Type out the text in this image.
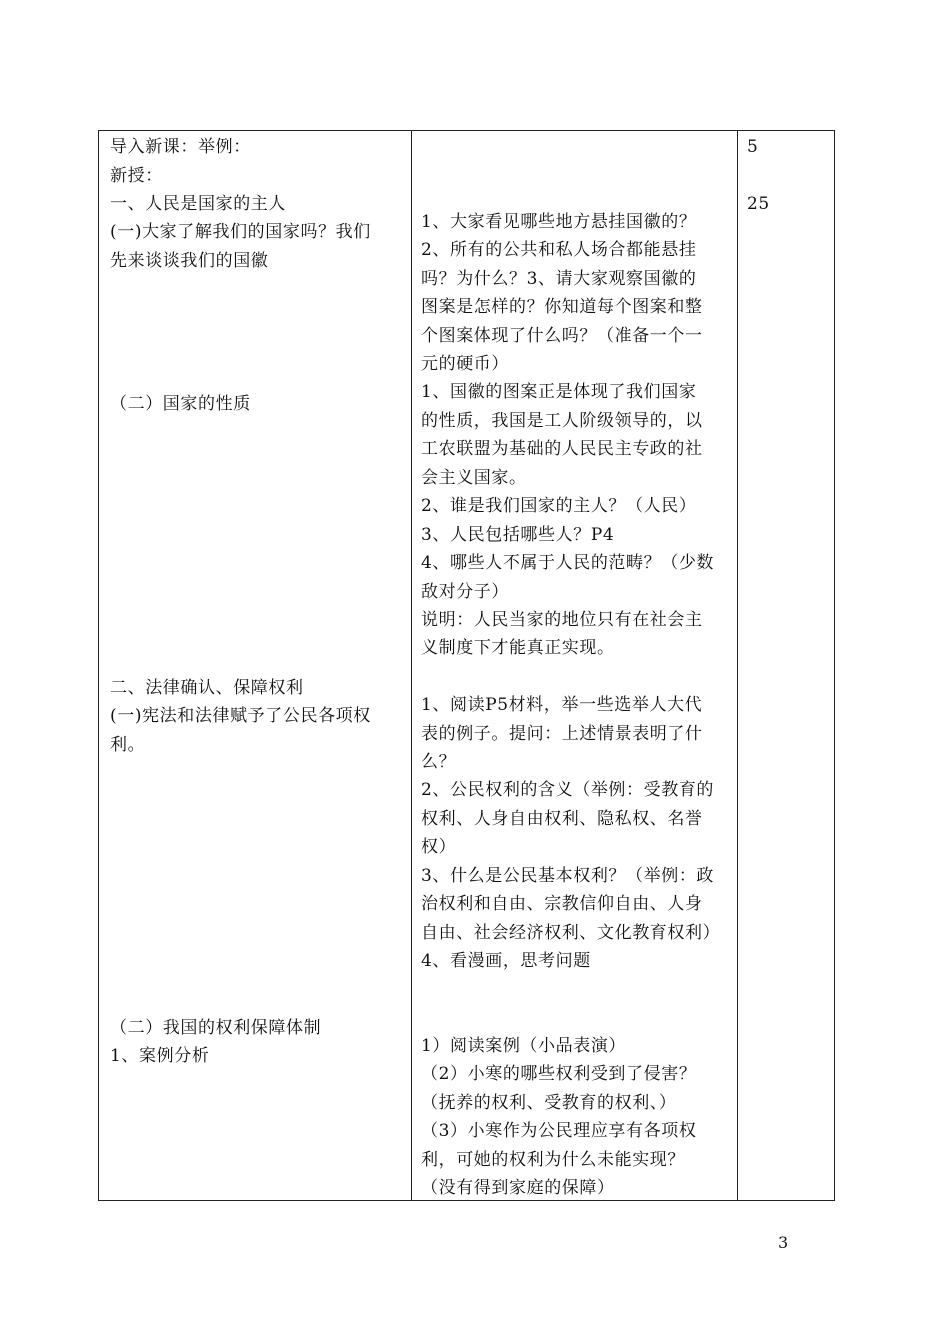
导入新课：举例：
新授：
一、人民是国家的主人
(一)大家了解我们的国家吗？我们
先来谈谈我们的国徽
（二）国家的性质
二、法律确认、保障权利
(一)宪法和法律赋予了公民各项权
利。
（二）我国的权利保障体制
1、案例分析
1、大家看见哪些地方悬挂国徽的？
2、所有的公共和私人场合都能悬挂
吗？为什么？3、请大家观察国徽的
图案是怎样的？你知道每个图案和整
个图案体现了什么吗？（准备一个一
元的硬币）
1、国徽的图案正是体现了我们国家
的性质，我国是工人阶级领导的，以
工农联盟为基础的人民民主专政的社
会主义国家。
2、谁是我们国家的主人？（人民）
3、人民包括哪些人？P4
4、哪些人不属于人民的范畴？（少数
敌对分子）
说明：人民当家的地位只有在社会主
义制度下才能真正实现。
1、阅读P5材料，举一些选举人大代
表的例子。提问：上述情景表明了什
么？
2、公民权利的含义（举例：受教育的
权利、人身自由权利、隐私权、名誉
权）
3、什么是公民基本权利？（举例：政
治权利和自由、宗教信仰自由、人身
自由、社会经济权利、文化教育权利）
4、看漫画，思考问题
1）阅读案例（小品表演）
（2）小寒的哪些权利受到了侵害？
（抚养的权利、受教育的权利、）
（3）小寒作为公民理应享有各项权
利，可她的权利为什么未能实现？
（没有得到家庭的保障）
5
25
3
